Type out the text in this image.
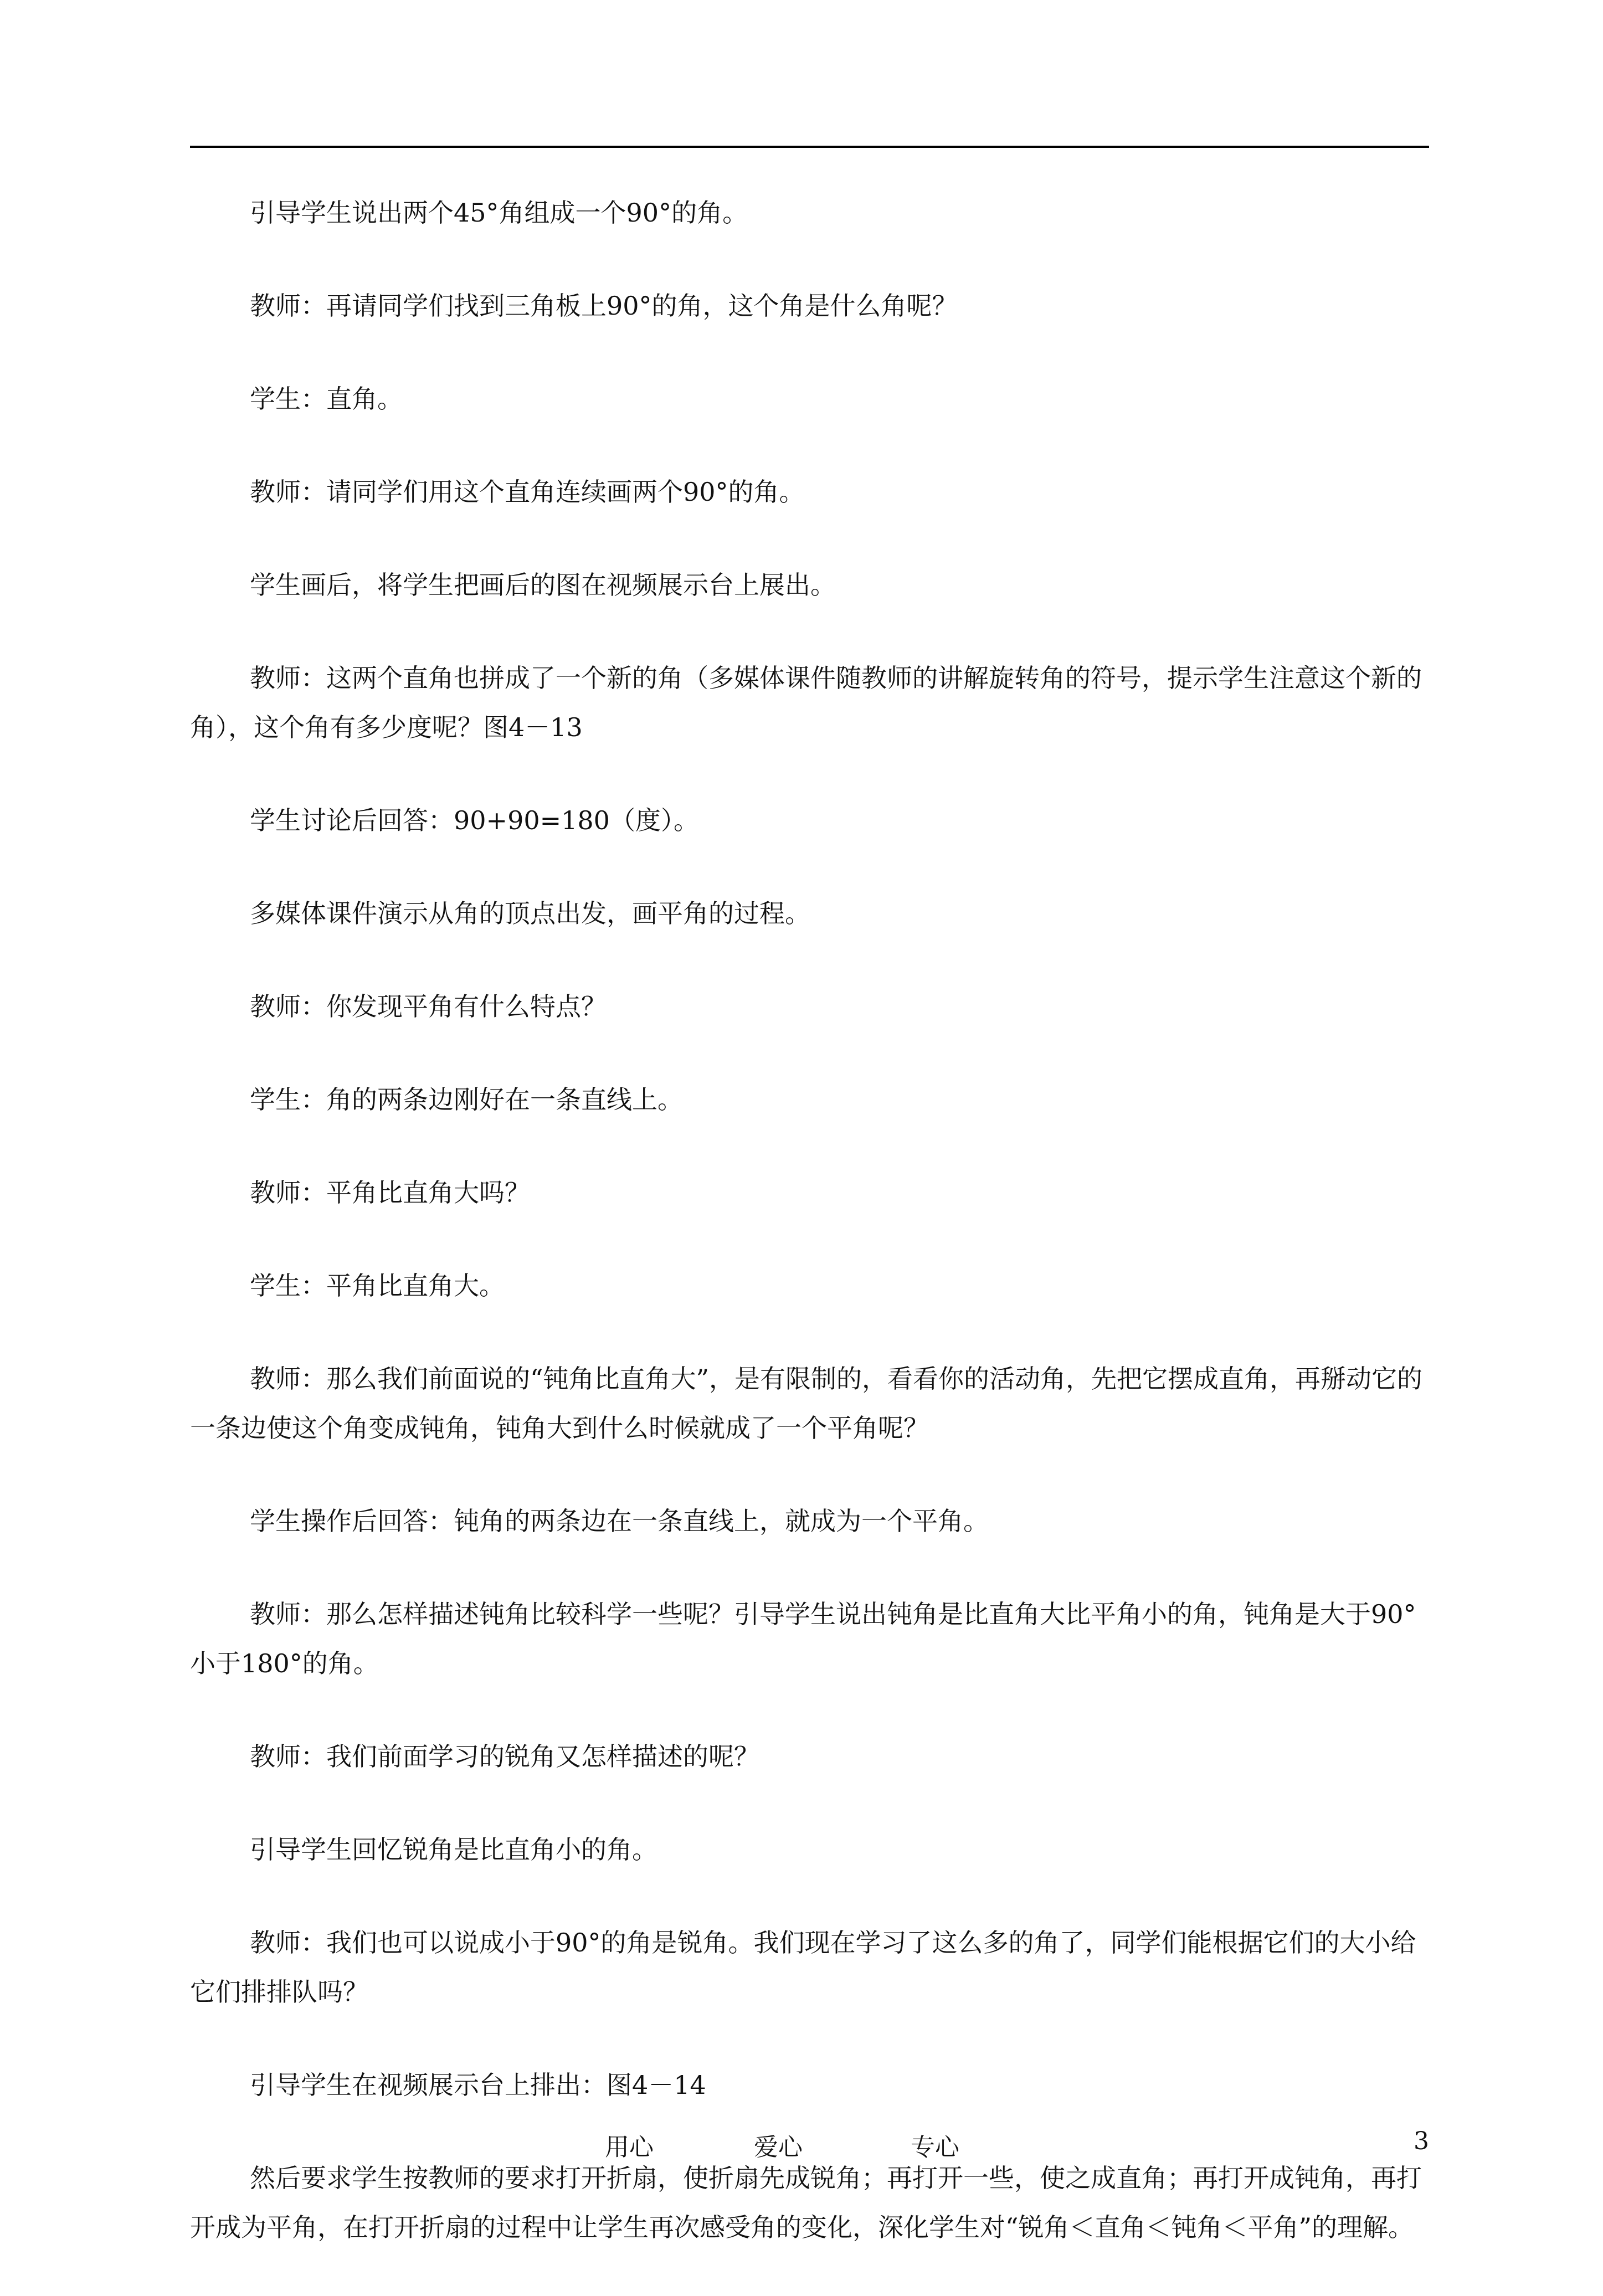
引导学生说出两个45°角组成一个90°的角。

教师：再请同学们找到三角板上90°的角，这个角是什么角呢？

学生：直角。

教师：请同学们用这个直角连续画两个90°的角。

学生画后，将学生把画后的图在视频展示台上展出。

教师：这两个直角也拼成了一个新的角（多媒体课件随教师的讲解旋转角的符号，提示学生注意这个新的角），这个角有多少度呢？图4－13

学生讨论后回答：90+90=180（度）。

多媒体课件演示从角的顶点出发，画平角的过程。

教师：你发现平角有什么特点？

学生：角的两条边刚好在一条直线上。

教师：平角比直角大吗？

学生：平角比直角大。

教师：那么我们前面说的“钝角比直角大”，是有限制的，看看你的活动角，先把它摆成直角，再掰动它的一条边使这个角变成钝角，钝角大到什么时候就成了一个平角呢？

学生操作后回答：钝角的两条边在一条直线上，就成为一个平角。

教师：那么怎样描述钝角比较科学一些呢？引导学生说出钝角是比直角大比平角小的角，钝角是大于90°小于180°的角。

教师：我们前面学习的锐角又怎样描述的呢？

引导学生回忆锐角是比直角小的角。

教师：我们也可以说成小于90°的角是锐角。我们现在学习了这么多的角了，同学们能根据它们的大小给它们排排队吗？

引导学生在视频展示台上排出：图4－14

然后要求学生按教师的要求打开折扇，使折扇先成锐角；再打开一些，使之成直角；再打开成钝角，再打开成为平角，在打开折扇的过程中让学生再次感受角的变化，深化学生对“锐角＜直角＜钝角＜平角”的理解。

用心	爱心	专心	3
